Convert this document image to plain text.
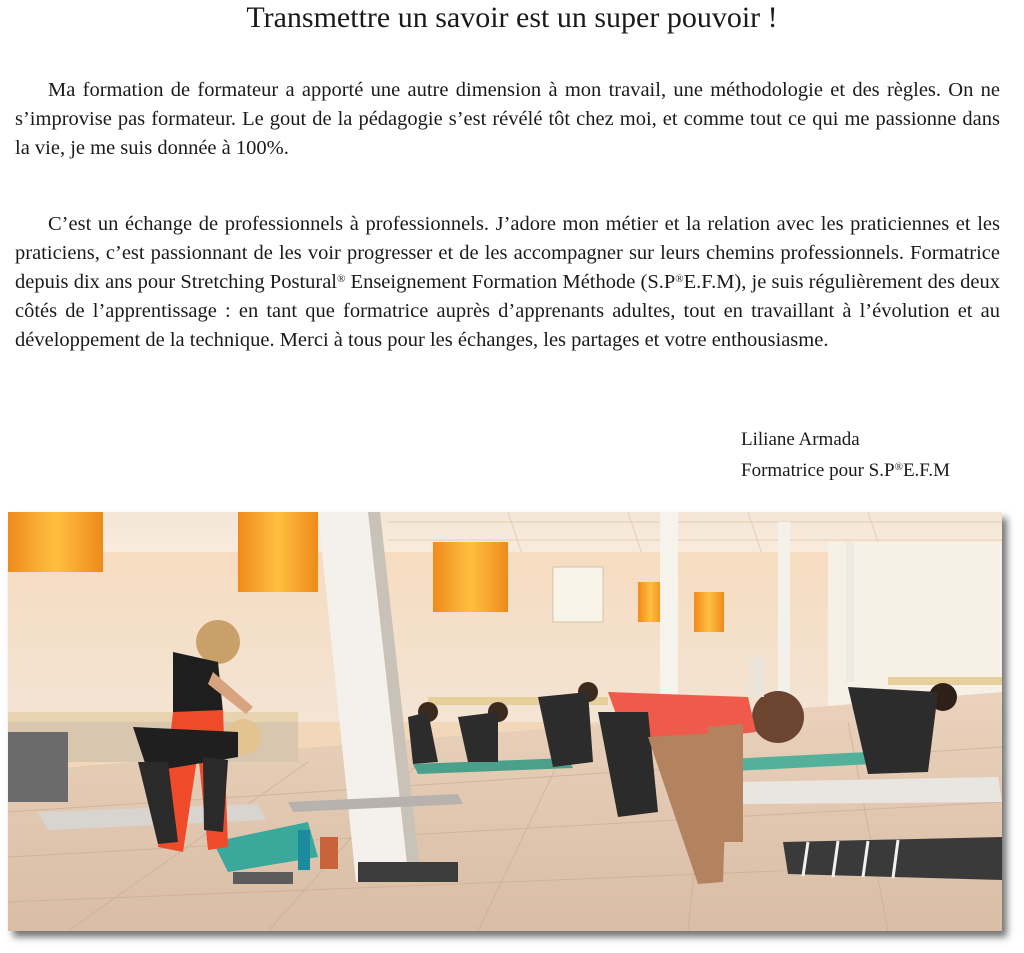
Transmettre un savoir est un super pouvoir !

Ma formation de formateur a apporté une autre dimension à mon travail, une méthodologie et des règles. On ne s’improvise pas formateur. Le gout de la pédagogie s’est révélé tôt chez moi, et comme tout ce qui me passionne dans la vie, je me suis donnée à 100%.

C’est un échange de professionnels à professionnels. J’adore mon métier et la relation avec les praticiennes et les praticiens, c’est passionnant de les voir progresser et de les accompagner sur leurs chemins professionnels. Formatrice depuis dix ans pour Stretching Postural® Enseignement Formation Méthode (S.P®E.F.M), je suis régulièrement des deux côtés de l’apprentissage : en tant que formatrice auprès d’apprenants adultes, tout en travaillant à l’évolution et au développement de la technique. Merci à tous pour les échanges, les partages et votre enthousiasme.

Liliane Armada
Formatrice pour S.P®E.F.M
